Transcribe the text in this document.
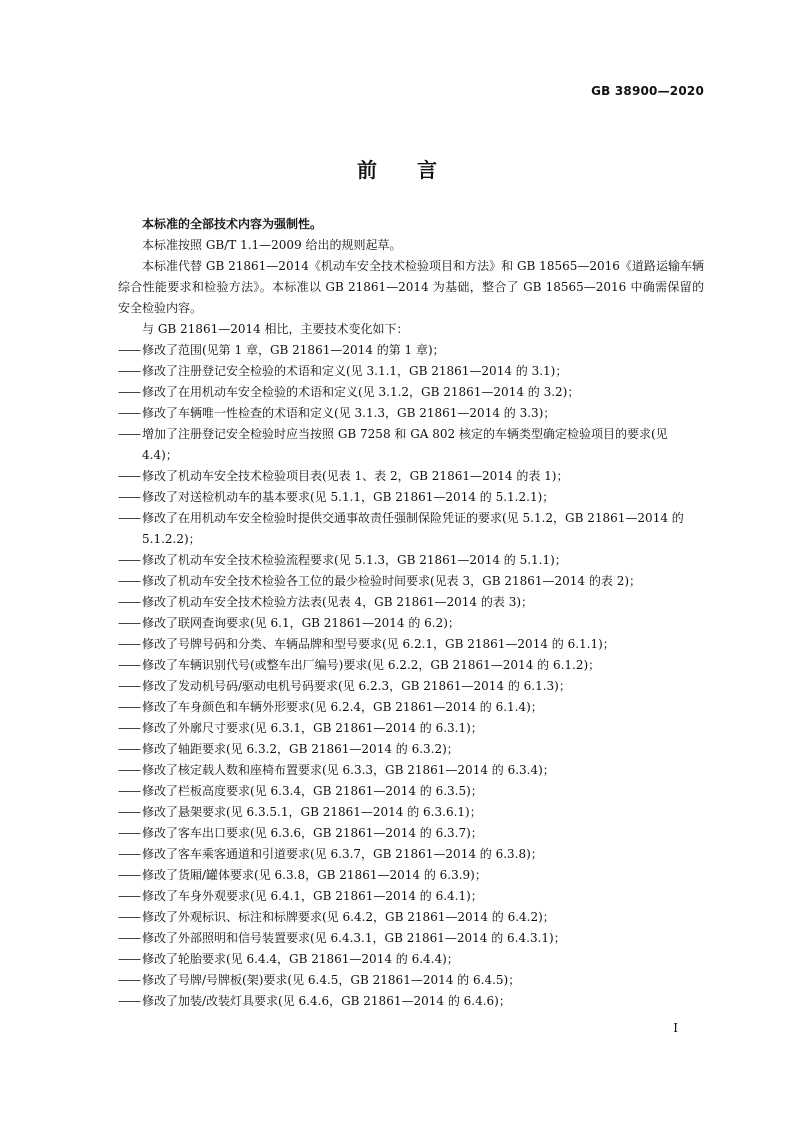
GB 38900—2020
前 言
本标准的全部技术内容为强制性。
本标准按照 GB/T 1.1—2009 给出的规则起草。
本标准代替 GB 21861—2014《机动车安全技术检验项目和方法》和 GB 18565—2016《道路运输车辆综合性能要求和检验方法》。本标准以 GB 21861—2014 为基础，整合了 GB 18565—2016 中确需保留的安全检验内容。
与 GB 21861—2014 相比，主要技术变化如下：
—— 修改了范围(见第 1 章，GB 21861—2014 的第 1 章)；
—— 修改了注册登记安全检验的术语和定义(见 3.1.1，GB 21861—2014 的 3.1)；
—— 修改了在用机动车安全检验的术语和定义(见 3.1.2，GB 21861—2014 的 3.2)；
—— 修改了车辆唯一性检查的术语和定义(见 3.1.3，GB 21861—2014 的 3.3)；
—— 增加了注册登记安全检验时应当按照 GB 7258 和 GA 802 核定的车辆类型确定检验项目的要求(见 4.4)；
—— 修改了机动车安全技术检验项目表(见表 1、表 2，GB 21861—2014 的表 1)；
—— 修改了对送检机动车的基本要求(见 5.1.1，GB 21861—2014 的 5.1.2.1)；
—— 修改了在用机动车安全检验时提供交通事故责任强制保险凭证的要求(见 5.1.2，GB 21861—2014 的 5.1.2.2)；
—— 修改了机动车安全技术检验流程要求(见 5.1.3，GB 21861—2014 的 5.1.1)；
—— 修改了机动车安全技术检验各工位的最少检验时间要求(见表 3，GB 21861—2014 的表 2)；
—— 修改了机动车安全技术检验方法表(见表 4，GB 21861—2014 的表 3)；
—— 修改了联网查询要求(见 6.1，GB 21861—2014 的 6.2)；
—— 修改了号牌号码和分类、车辆品牌和型号要求(见 6.2.1，GB 21861—2014 的 6.1.1)；
—— 修改了车辆识别代号(或整车出厂编号)要求(见 6.2.2，GB 21861—2014 的 6.1.2)；
—— 修改了发动机号码/驱动电机号码要求(见 6.2.3，GB 21861—2014 的 6.1.3)；
—— 修改了车身颜色和车辆外形要求(见 6.2.4，GB 21861—2014 的 6.1.4)；
—— 修改了外廓尺寸要求(见 6.3.1，GB 21861—2014 的 6.3.1)；
—— 修改了轴距要求(见 6.3.2，GB 21861—2014 的 6.3.2)；
—— 修改了核定载人数和座椅布置要求(见 6.3.3，GB 21861—2014 的 6.3.4)；
—— 修改了栏板高度要求(见 6.3.4，GB 21861—2014 的 6.3.5)；
—— 修改了悬架要求(见 6.3.5.1，GB 21861—2014 的 6.3.6.1)；
—— 修改了客车出口要求(见 6.3.6，GB 21861—2014 的 6.3.7)；
—— 修改了客车乘客通道和引道要求(见 6.3.7，GB 21861—2014 的 6.3.8)；
—— 修改了货厢/罐体要求(见 6.3.8，GB 21861—2014 的 6.3.9)；
—— 修改了车身外观要求(见 6.4.1，GB 21861—2014 的 6.4.1)；
—— 修改了外观标识、标注和标牌要求(见 6.4.2，GB 21861—2014 的 6.4.2)；
—— 修改了外部照明和信号装置要求(见 6.4.3.1，GB 21861—2014 的 6.4.3.1)；
—— 修改了轮胎要求(见 6.4.4，GB 21861—2014 的 6.4.4)；
—— 修改了号牌/号牌板(架)要求(见 6.4.5，GB 21861—2014 的 6.4.5)；
—— 修改了加装/改装灯具要求(见 6.4.6，GB 21861—2014 的 6.4.6)；
I
